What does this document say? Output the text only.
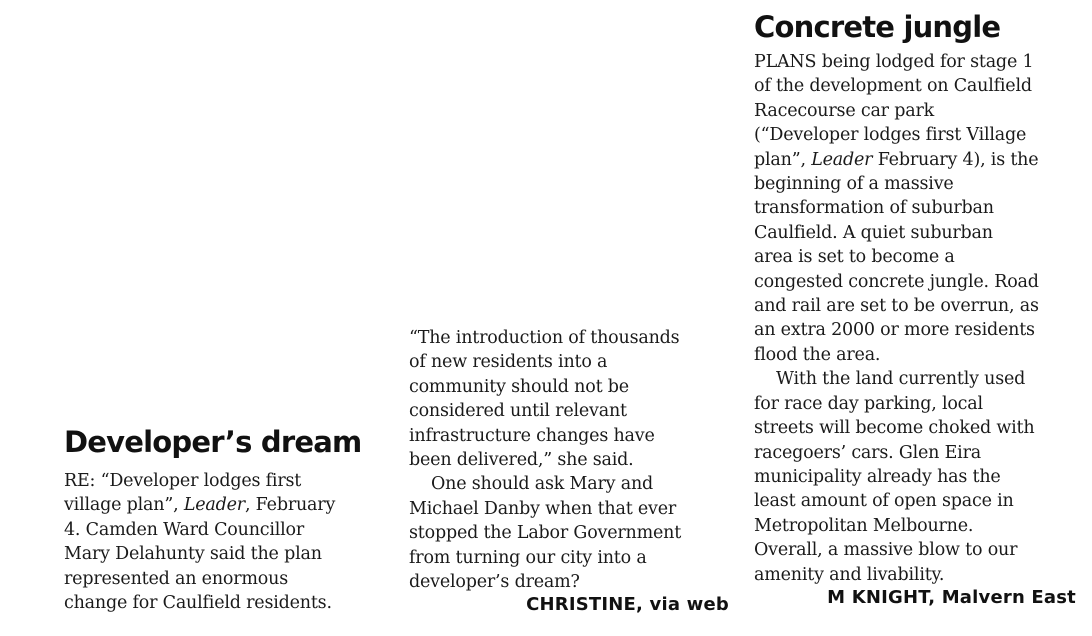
Developer’s dream

RE: “Developer lodges first
village plan”, Leader, February
4. Camden Ward Councillor
Mary Delahunty said the plan
represented an enormous
change for Caulfield residents.

“The introduction of thousands
of new residents into a
community should not be
considered until relevant
infrastructure changes have
been delivered,” she said.

One should ask Mary and
Michael Danby when that ever
stopped the Labor Government
from turning our city into a
developer’s dream?

CHRISTINE, via web
Concrete jungle

PLANS being lodged for stage 1
of the development on Caulfield
Racecourse car park
(“Developer lodges first Village
plan”, Leader February 4), is the
beginning of a massive
transformation of suburban
Caulfield. A quiet suburban
area is set to become a
congested concrete jungle. Road
and rail are set to be overrun, as
an extra 2000 or more residents
flood the area.

With the land currently used
for race day parking, local
streets will become choked with
racegoers’ cars. Glen Eira
municipality already has the
least amount of open space in
Metropolitan Melbourne.
Overall, a massive blow to our
amenity and livability.

M KNIGHT, Malvern East
